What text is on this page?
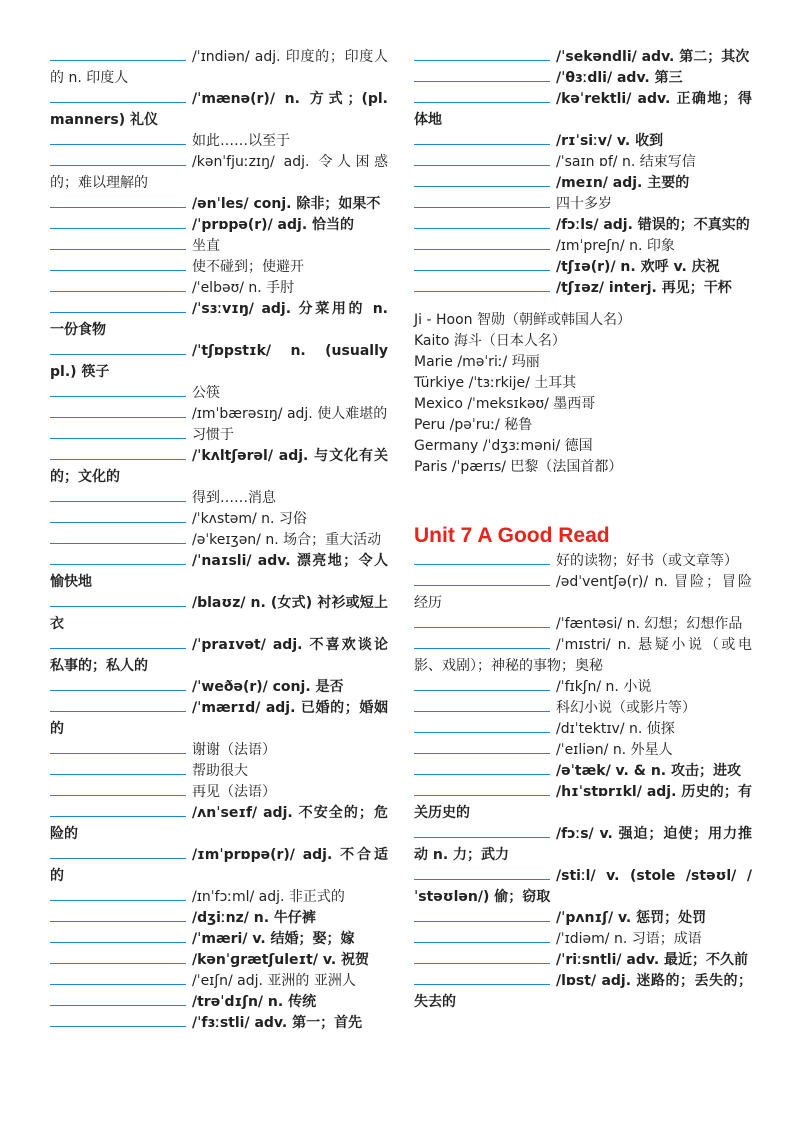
/ˈɪndiən/ adj. 印度的；印度人的 n. 印度人

/ˈmænə(r)/ n. 方式；(pl. manners) 礼仪

如此……以至于

/kənˈfjuːzɪŋ/ adj. 令人困惑的；难以理解的

/ənˈles/ conj. 除非；如果不

/ˈprɒpə(r)/ adj. 恰当的

坐直

使不碰到；使避开

/ˈelbəʊ/ n. 手肘

/ˈsɜːvɪŋ/ adj. 分菜用的 n. 一份食物

/ˈtʃɒpstɪk/ n. (usually pl.) 筷子

公筷

/ɪmˈbærəsɪŋ/ adj. 使人难堪的

习惯于

/ˈkʌltʃərəl/ adj. 与文化有关的；文化的

得到……消息

/ˈkʌstəm/ n. 习俗

/əˈkeɪʒən/ n. 场合；重大活动

/ˈnaɪsli/ adv. 漂亮地；令人愉快地

/blaʊz/ n. (女式) 衬衫或短上衣

/ˈpraɪvət/ adj. 不喜欢谈论私事的；私人的

/ˈweðə(r)/ conj. 是否

/ˈmærɪd/ adj. 已婚的；婚姻的

谢谢（法语）

帮助很大

再见（法语）

/ʌnˈseɪf/ adj. 不安全的；危险的

/ɪmˈprɒpə(r)/ adj. 不合适的

/ɪnˈfɔːml/ adj. 非正式的

/dʒiːnz/ n. 牛仔裤

/ˈmæri/ v. 结婚；娶；嫁

/kənˈɡrætʃuleɪt/ v. 祝贺

/ˈeɪʃn/ adj. 亚洲的 亚洲人

/trəˈdɪʃn/ n. 传统

/ˈfɜːstli/ adv. 第一；首先

/ˈsekəndli/ adv. 第二；其次

/ˈθɜːdli/ adv. 第三

/kəˈrektli/ adv. 正确地；得体地

/rɪˈsiːv/ v. 收到

/ˈsaɪn ɒf/ n. 结束写信

/meɪn/ adj. 主要的

四十多岁

/fɔːls/ adj. 错误的；不真实的

/ɪmˈpreʃn/ n. 印象

/tʃɪə(r)/ n. 欢呼 v. 庆祝

/tʃɪəz/ interj. 再见；干杯

Ji - Hoon 智勋（朝鲜或韩国人名）

Kaito 海斗（日本人名）

Marie /məˈriː/ 玛丽

Türkiye /ˈtɜːrkije/ 土耳其

Mexico /ˈmeksɪkəʊ/ 墨西哥

Peru /pəˈruː/ 秘鲁

Germany /ˈdʒɜːməni/ 德国

Paris /ˈpærɪs/ 巴黎（法国首都）

Unit 7 A Good Read

好的读物；好书（或文章等）

/ədˈventʃə(r)/ n. 冒险；冒险经历

/ˈfæntəsi/ n. 幻想；幻想作品

/ˈmɪstri/ n. 悬疑小说（或电影、戏剧）；神秘的事物；奥秘

/ˈfɪkʃn/ n. 小说

科幻小说（或影片等）

/dɪˈtektɪv/ n. 侦探

/ˈeɪliən/ n. 外星人

/əˈtæk/ v. & n. 攻击；进攻

/hɪˈstɒrɪkl/ adj. 历史的；有关历史的

/fɔːs/ v. 强迫；迫使；用力推动 n. 力；武力

/stiːl/ v. (stole /stəʊl/ /ˈstəʊlən/) 偷；窃取

/ˈpʌnɪʃ/ v. 惩罚；处罚

/ˈɪdiəm/ n. 习语；成语

/ˈriːsntli/ adv. 最近；不久前

/lɒst/ adj. 迷路的；丢失的；失去的
